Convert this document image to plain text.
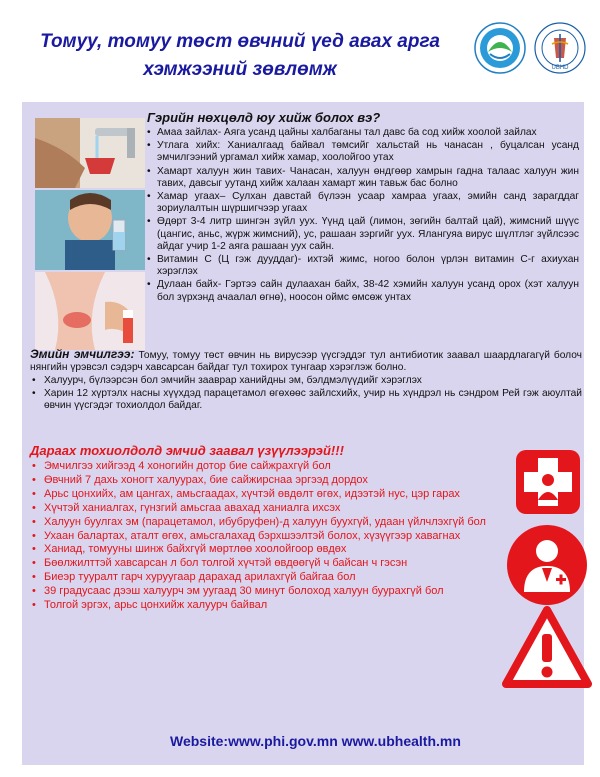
Томуу, томуу төст өвчний үед авах арга
хэмжээний зөвлөмж	UBHD
Гэрийн нөхцөлд юу хийж болох вэ?
• Амаа зайлах- Аяга усанд цайны халбаганы тал давс ба сод хийж хоолой зайлах
• Утлага хийх: Ханиалгаад байвал төмсийг хальстай нь чанасан , буцалсан усанд эмчилгээний ургамал хийж хамар, хоолойгоо утах
• Хамарт халуун жин тавих- Чанасан, халуун өндгөөр хамрын гадна талаас халуун жин тавих, давсыг уутанд хийж халаан хамарт жин тавьж бас болно
• Хамар угаах– Сулхан давстай бүлээн усаар хамраа угаах, эмийн санд зарагддаг зориулалтын шүршигчээр угаах
• Өдөрт 3-4 литр шингэн зүйл уух. Үүнд цай (лимон, зөгийн балтай цай), жимсний шүүс (цангис, аньс, жүрж жимсний), ус, рашаан зэргийг уух. Ялангуяа вирус шүлтлэг зүйлсээс айдаг учир 1-2 аяга рашаан уух сайн.
• Витамин С (Ц гэж дууддаг)- ихтэй жимс, ногоо болон үрлэн витамин С-г ахиухан хэрэглэх
• Дулаан байх- Гэртээ сайн дулаахан байх, 38-42 хэмийн халуун усанд орох (хэт халуун бол зүрхэнд ачаалал өгнө), ноосон оймс өмсөж унтах
Эмийн эмчилгээ: Томуу, томуу төст өвчин нь вирусээр үүсгэддэг тул антибиотик заавал шаардлагагүй болоч нянгийн үрэвсэл сэдэрч хавсарсан байдаг тул тохирох тунгаар хэрэглэж болно.
• Халуурч, бүлээрсэн бол эмчийн зааврар ханийдны эм, бэлдмэлүүдийг хэрэглэх
• Харин 12 хүртэлх насны хүүхдэд парацетамол өгөхөөс зайлсхийх, учир нь хүндрэл нь сэндром Рей гэж аюултай өвчин үүсгэдэг тохиолдол байдаг.
Дараах тохиолдолд эмчид заавал үзүүлээрэй!!!
• Эмчилгээ хийгээд 4 хоногийн дотор бие сайжрахгүй бол
• Өвчний 7 дахь хоногт халуурах, бие сайжирснаа эргээд дордох
• Арьс цонхийх, ам цангах, амьсгаадах, хүчтэй өвдөлт өгөх, идээтэй нус, цэр гарах
• Хүчтэй ханиалгах, гүнзгий амьсгаа авахад ханиалга ихсэх
• Халуун буулгах эм (парацетамол, ибубруфен)-д халуун буухгүй, удаан үйлчлэхгүй бол
• Ухаан балартах, аталт өгөх, амьсгалахад бэрхшээлтэй болох, хүзүүгээр хавагнах
• Ханиад, томууны шинж байхгүй мөртлөө хоолойгоор өвдөх
• Бөөлжилттэй хавсарсан л бол толгой хүчтэй өвдөөгүй ч байсан ч гэсэн
• Биеэр тууралт гарч хуруугаар дарахад арилахгүй байгаа бол
• 39 градусаас дээш халуурч эм уугаад 30 минут болоход халуун буурахгүй бол
• Толгой эргэх, арьс цонхийж халуурч байвал
Website:www.phi.gov.mn www.ubhealth.mn
